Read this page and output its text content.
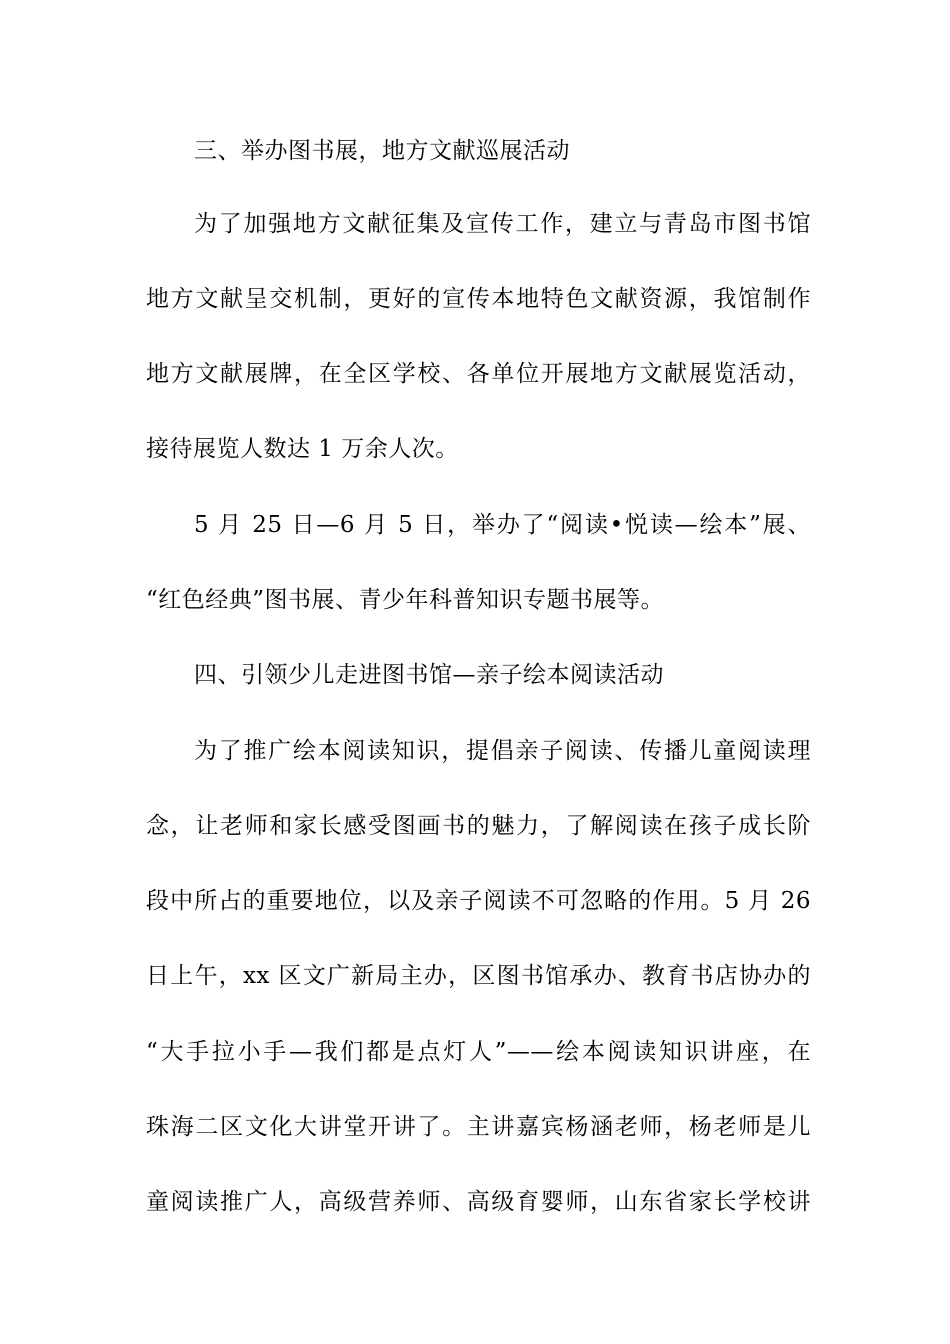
三、举办图书展，地方文献巡展活动
为了加强地方文献征集及宣传工作，建立与青岛市图书馆
地方文献呈交机制，更好的宣传本地特色文献资源，我馆制作
地方文献展牌，在全区学校、各单位开展地方文献展览活动，
接待展览人数达 1 万余人次。
5 月 25 日—6 月 5 日，举办了“阅读•悦读—绘本”展、
“红色经典”图书展、青少年科普知识专题书展等。
四、引领少儿走进图书馆—亲子绘本阅读活动
为了推广绘本阅读知识，提倡亲子阅读、传播儿童阅读理
念，让老师和家长感受图画书的魅力，了解阅读在孩子成长阶
段中所占的重要地位，以及亲子阅读不可忽略的作用。5 月 26
日上午，xx 区文广新局主办，区图书馆承办、教育书店协办的
“大手拉小手—我们都是点灯人”——绘本阅读知识讲座，在
珠海二区文化大讲堂开讲了。主讲嘉宾杨涵老师，杨老师是儿
童阅读推广人，高级营养师、高级育婴师，山东省家长学校讲
